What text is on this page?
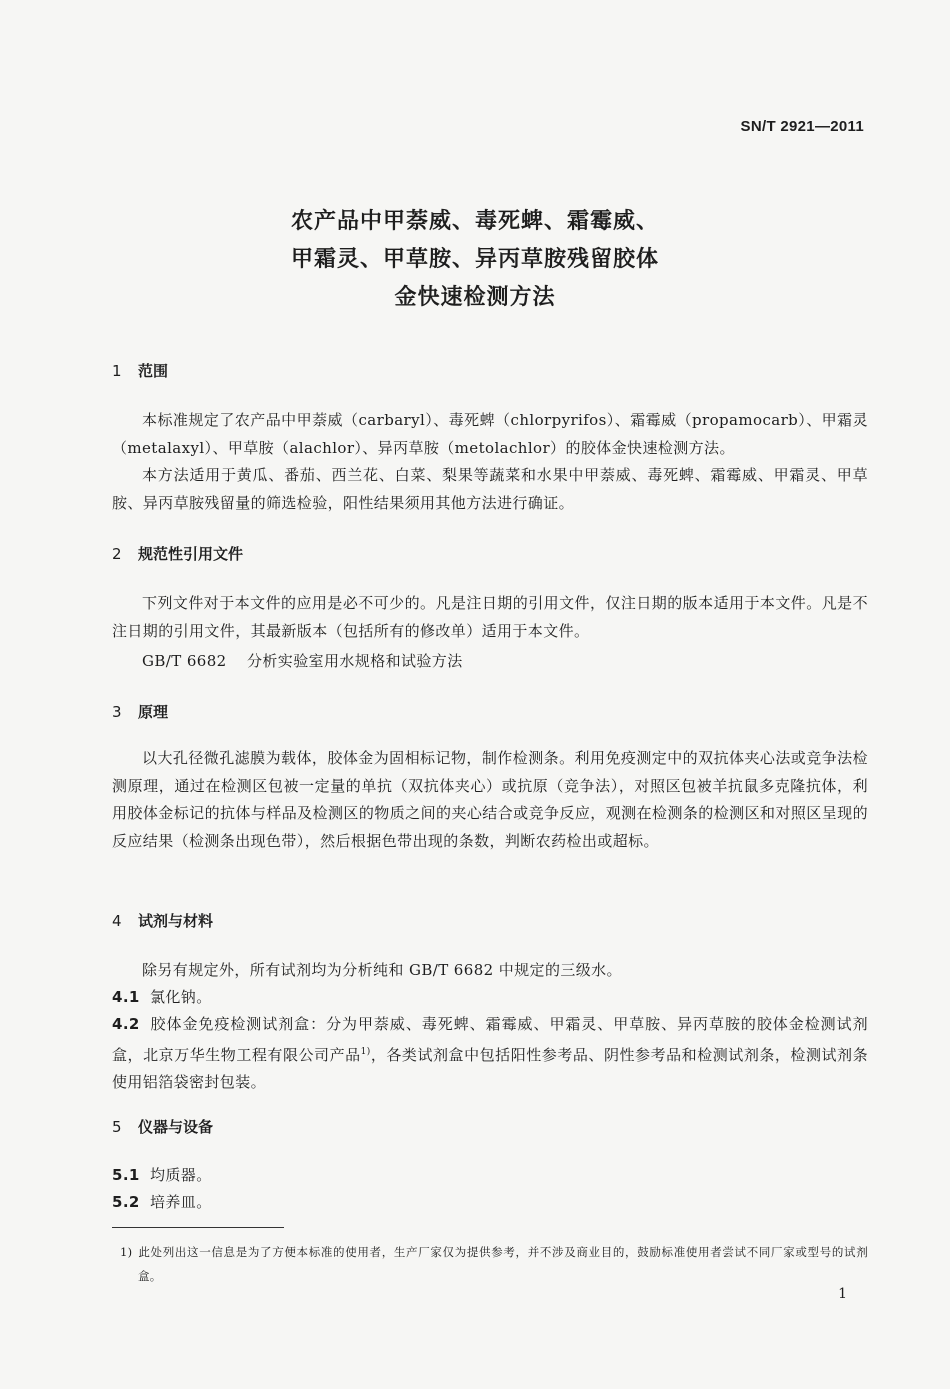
SN/T 2921—2011
农产品中甲萘威、毒死蜱、霜霉威、
甲霜灵、甲草胺、异丙草胺残留胶体
金快速检测方法
1 范围
本标准规定了农产品中甲萘威（carbaryl）、毒死蜱（chlorpyrifos）、霜霉威（propamocarb）、甲霜灵（metalaxyl）、甲草胺（alachlor）、异丙草胺（metolachlor）的胶体金快速检测方法。
本方法适用于黄瓜、番茄、西兰花、白菜、梨果等蔬菜和水果中甲萘威、毒死蜱、霜霉威、甲霜灵、甲草胺、异丙草胺残留量的筛选检验，阳性结果须用其他方法进行确证。
2 规范性引用文件
下列文件对于本文件的应用是必不可少的。凡是注日期的引用文件，仅注日期的版本适用于本文件。凡是不注日期的引用文件，其最新版本（包括所有的修改单）适用于本文件。
GB/T 6682 分析实验室用水规格和试验方法
3 原理
以大孔径微孔滤膜为载体，胶体金为固相标记物，制作检测条。利用免疫测定中的双抗体夹心法或竞争法检测原理，通过在检测区包被一定量的单抗（双抗体夹心）或抗原（竞争法），对照区包被羊抗鼠多克隆抗体，利用胶体金标记的抗体与样品及检测区的物质之间的夹心结合或竞争反应，观测在检测条的检测区和对照区呈现的反应结果（检测条出现色带），然后根据色带出现的条数，判断农药检出或超标。
4 试剂与材料
除另有规定外，所有试剂均为分析纯和 GB/T 6682 中规定的三级水。
4.1 氯化钠。
4.2 胶体金免疫检测试剂盒：分为甲萘威、毒死蜱、霜霉威、甲霜灵、甲草胺、异丙草胺的胶体金检测试剂盒，北京万华生物工程有限公司产品$^{1)}$，各类试剂盒中包括阳性参考品、阴性参考品和检测试剂条，检测试剂条使用铝箔袋密封包装。
5 仪器与设备
5.1 均质器。
5.2 培养皿。
1) 此处列出这一信息是为了方便本标准的使用者，生产厂家仅为提供参考，并不涉及商业目的，鼓励标准使用者尝试不同厂家或型号的试剂盒。
1
